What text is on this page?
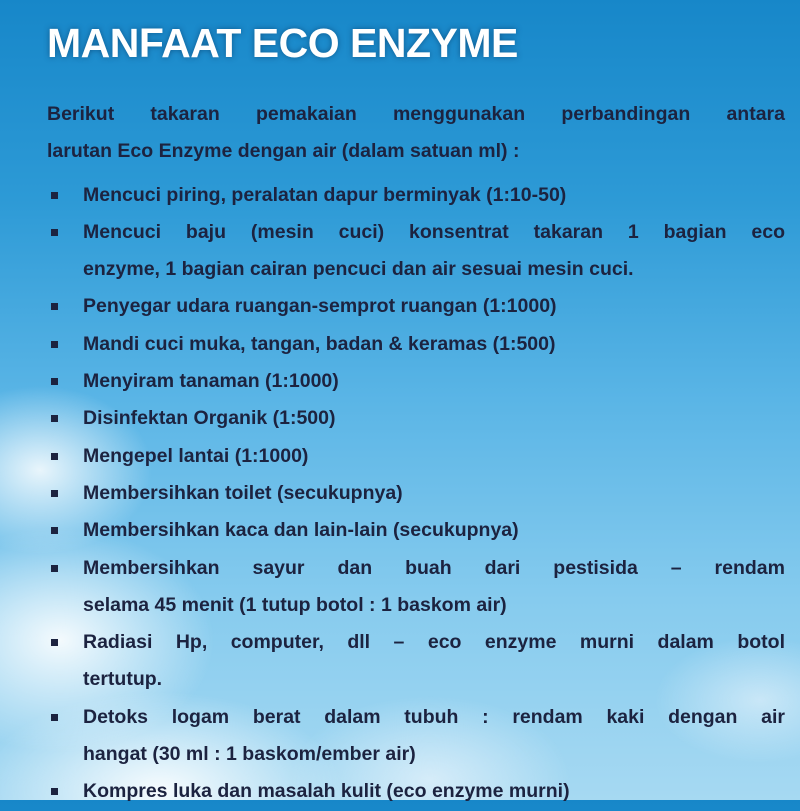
MANFAAT ECO ENZYME
Berikut takaran pemakaian menggunakan perbandingan antara
larutan Eco Enzyme dengan air (dalam satuan ml) :
Mencuci piring, peralatan dapur berminyak (1:10-50)
Mencuci baju (mesin cuci) konsentrat takaran 1 bagian eco
enzyme, 1 bagian cairan pencuci dan air sesuai mesin cuci.
Penyegar udara ruangan-semprot ruangan (1:1000)
Mandi cuci muka, tangan, badan & keramas (1:500)
Menyiram tanaman (1:1000)
Disinfektan Organik (1:500)
Mengepel lantai (1:1000)
Membersihkan toilet (secukupnya)
Membersihkan kaca dan lain-lain (secukupnya)
Membersihkan sayur dan buah dari pestisida – rendam
selama 45 menit (1 tutup botol : 1 baskom air)
Radiasi Hp, computer, dll – eco enzyme murni dalam botol
tertutup.
Detoks logam berat dalam tubuh : rendam kaki dengan air
hangat (30 ml : 1 baskom/ember air)
Kompres luka dan masalah kulit (eco enzyme murni)
